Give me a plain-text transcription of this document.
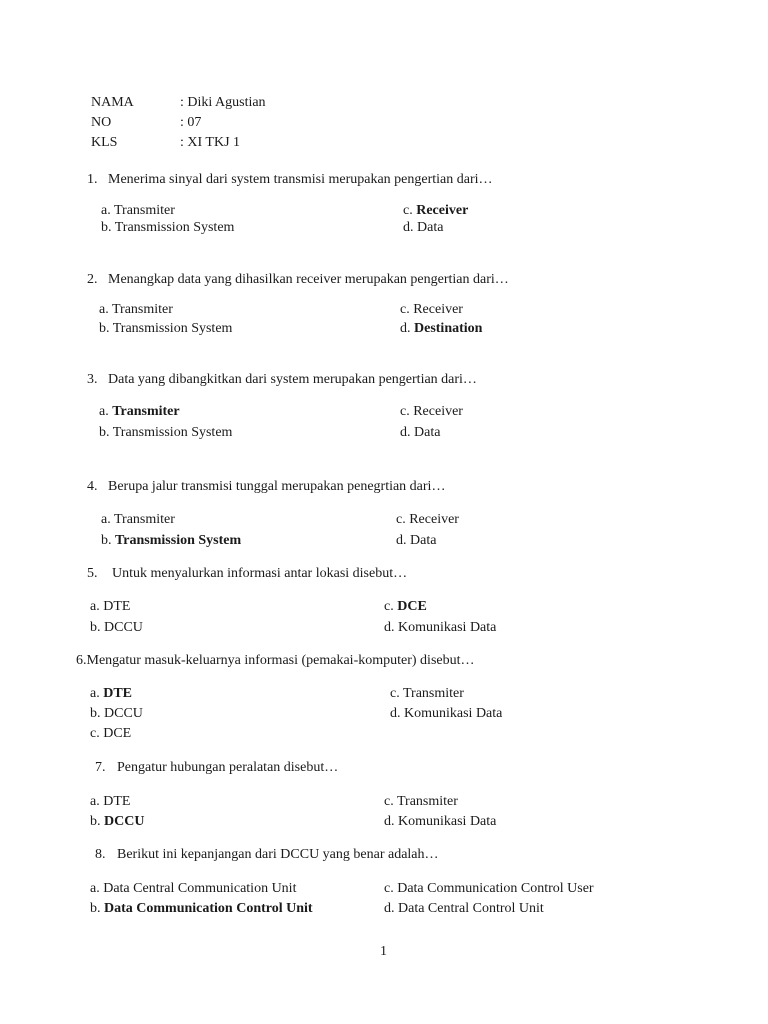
NAMA	: Diki Agustian
NO	: 07
KLS	: XI TKJ 1
1. Menerima sinyal dari system transmisi merupakan pengertian dari…
a. Transmiter
b. Transmission System
c. Receiver
d. Data
2. Menangkap data yang dihasilkan receiver merupakan pengertian dari…
a. Transmiter
b. Transmission System
c. Receiver
d. Destination
3. Data yang dibangkitkan dari system merupakan pengertian dari…
a. Transmiter
b. Transmission System
c. Receiver
d. Data
4. Berupa jalur transmisi tunggal merupakan penegrtian dari…
a. Transmiter
b. Transmission System
c. Receiver
d. Data
5. Untuk menyalurkan informasi antar lokasi disebut…
a. DTE
b. DCCU
c. DCE
d. Komunikasi Data
6.Mengatur masuk-keluarnya informasi (pemakai-komputer) disebut…
a. DTE
b. DCCU
c. DCE
c. Transmiter
d. Komunikasi Data
7. Pengatur hubungan peralatan disebut…
a. DTE
b. DCCU
c. Transmiter
d. Komunikasi Data
8. Berikut ini kepanjangan dari DCCU yang benar adalah…
a. Data Central Communication Unit
b. Data Communication Control Unit
c. Data Communication Control User
d. Data Central Control Unit
1
